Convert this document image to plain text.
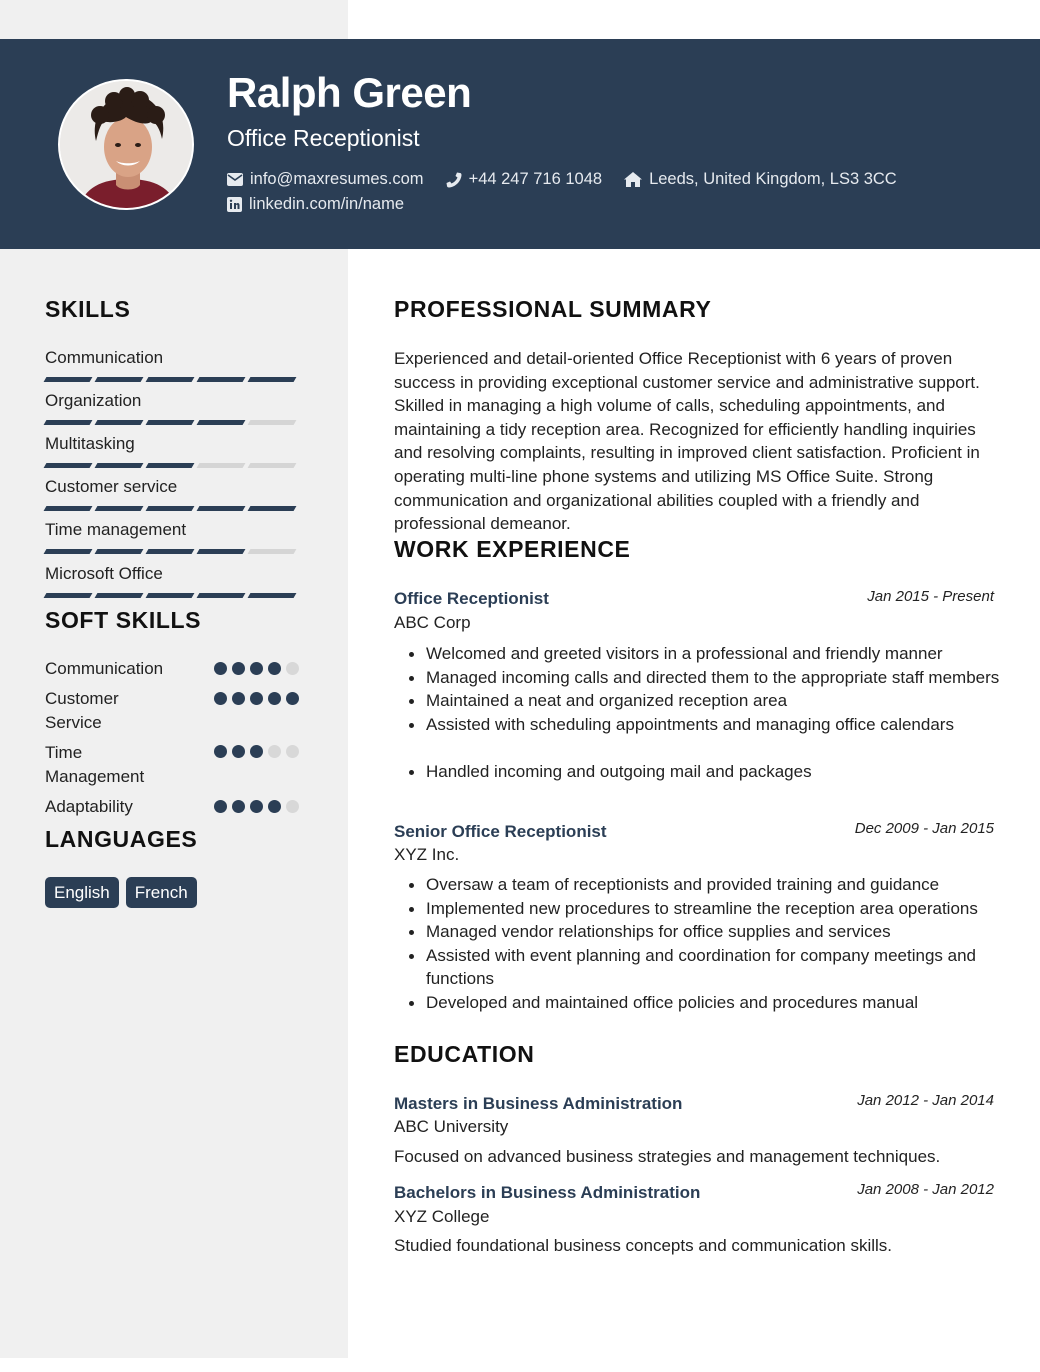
Ralph Green
Office Receptionist
info@maxresumes.com	+44 247 716 1048	Leeds, United Kingdom, LS3 3CC
linkedin.com/in/name
SKILLS
Communication
Organization
Multitasking
Customer service
Time management
Microsoft Office
SOFT SKILLS
Communication
Customer Service
Time Management
Adaptability
LANGUAGES
English	French
PROFESSIONAL SUMMARY
Experienced and detail-oriented Office Receptionist with 6 years of proven success in providing exceptional customer service and administrative support. Skilled in managing a high volume of calls, scheduling appointments, and maintaining a tidy reception area. Recognized for efficiently handling inquiries and resolving complaints, resulting in improved client satisfaction. Proficient in operating multi-line phone systems and utilizing MS Office Suite. Strong communication and organizational abilities coupled with a friendly and professional demeanor.
WORK EXPERIENCE
Office Receptionist	Jan 2015 - Present
ABC Corp
Welcomed and greeted visitors in a professional and friendly manner
Managed incoming calls and directed them to the appropriate staff members
Maintained a neat and organized reception area
Assisted with scheduling appointments and managing office calendars
Handled incoming and outgoing mail and packages
Senior Office Receptionist	Dec 2009 - Jan 2015
XYZ Inc.
Oversaw a team of receptionists and provided training and guidance
Implemented new procedures to streamline the reception area operations
Managed vendor relationships for office supplies and services
Assisted with event planning and coordination for company meetings and functions
Developed and maintained office policies and procedures manual
EDUCATION
Masters in Business Administration	Jan 2012 - Jan 2014
ABC University
Focused on advanced business strategies and management techniques.
Bachelors in Business Administration	Jan 2008 - Jan 2012
XYZ College
Studied foundational business concepts and communication skills.
